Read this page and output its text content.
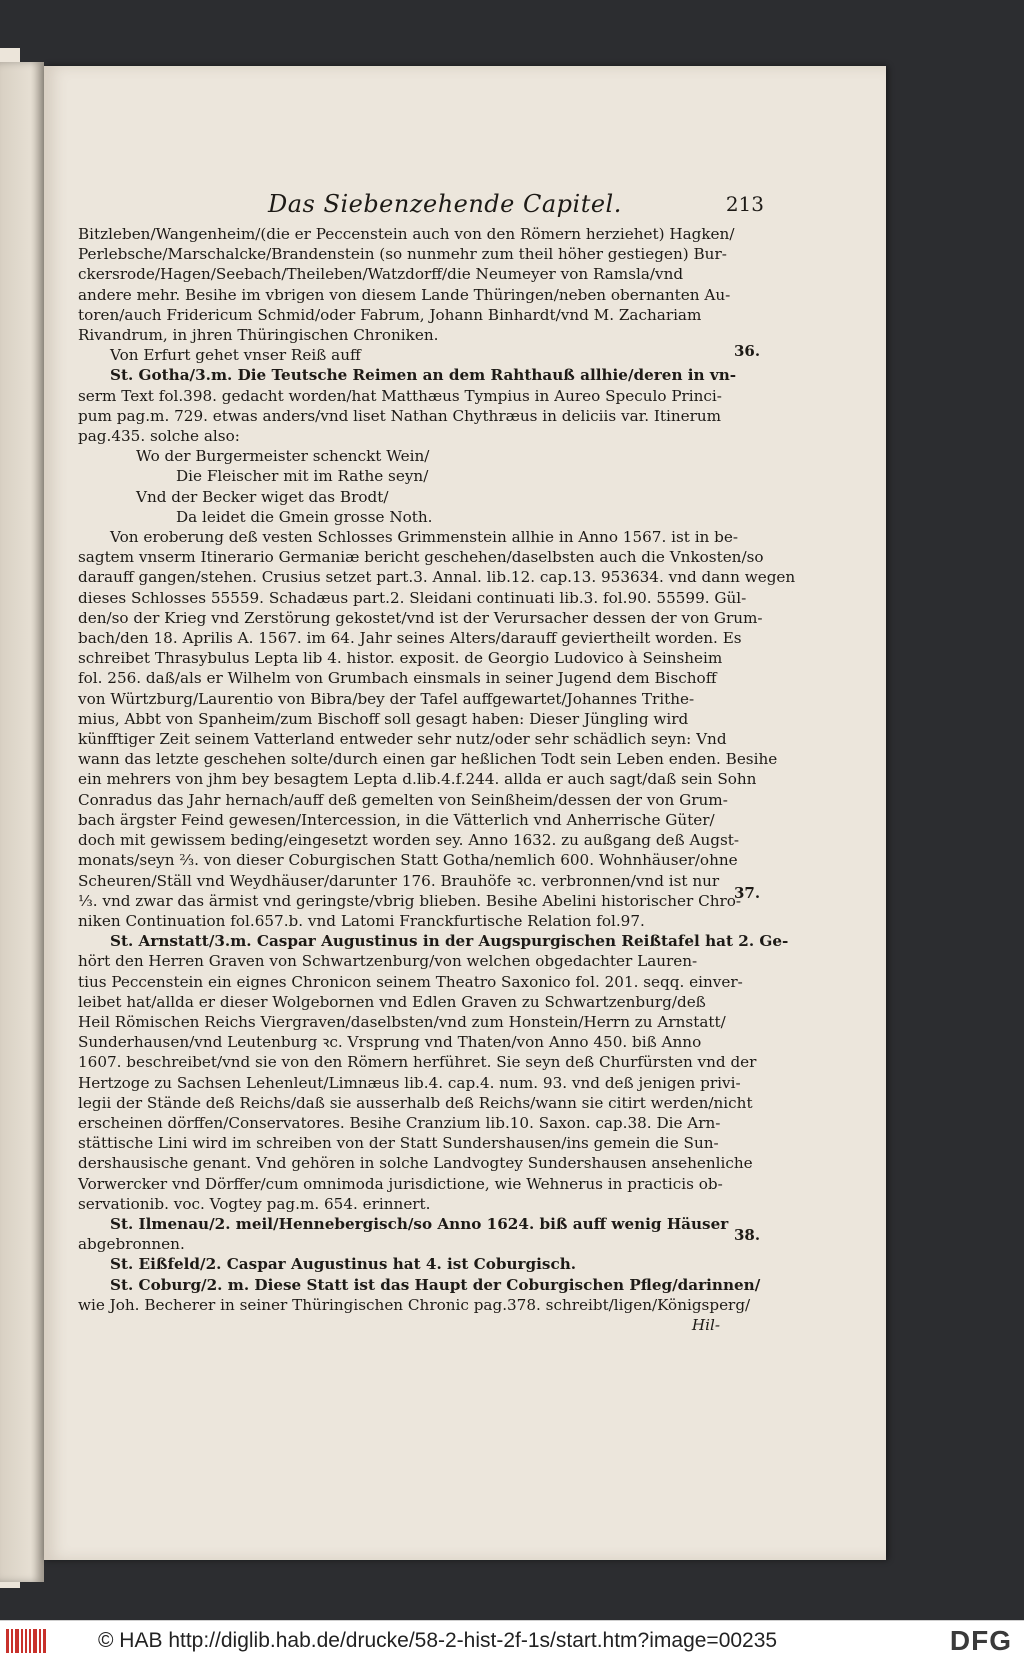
Das Siebenzehende Capitel.	213
Bitzleben/Wangenheim/(die er Peccenstein auch von den Römern herziehet) Hagken/
Perlebsche/Marschalcke/Brandenstein (so nunmehr zum theil höher gestiegen) Bur-
ckersrode/Hagen/Seebach/Theileben/Watzdorff/die Neumeyer von Ramsla/vnd
andere mehr. Besihe im vbrigen von diesem Lande Thüringen/neben obernanten Au-
toren/auch Fridericum Schmid/oder Fabrum, Johann Binhardt/vnd M. Zachariam
Rivandrum, in jhren Thüringischen Chroniken.
Von Erfurt gehet vnser Reiß auff
St. Gotha/3.m. Die Teutsche Reimen an dem Rahthauß allhie/deren in vn-
serm Text fol.398. gedacht worden/hat Matthæus Tympius in Aureo Speculo Princi-
pum pag.m. 729. etwas anders/vnd liset Nathan Chythræus in deliciis var. Itinerum
pag.435. solche also:
Wo der Burgermeister schenckt Wein/
Die Fleischer mit im Rathe seyn/
Vnd der Becker wiget das Brodt/
Da leidet die Gmein grosse Noth.
Von eroberung deß vesten Schlosses Grimmenstein allhie in Anno 1567. ist in be-
sagtem vnserm Itinerario Germaniæ bericht geschehen/daselbsten auch die Vnkosten/so
darauff gangen/stehen. Crusius setzet part.3. Annal. lib.12. cap.13. 953634. vnd dann wegen
dieses Schlosses 55559. Schadæus part.2. Sleidani continuati lib.3. fol.90. 55599. Gül-
den/so der Krieg vnd Zerstörung gekostet/vnd ist der Verursacher dessen der von Grum-
bach/den 18. Aprilis A. 1567. im 64. Jahr seines Alters/darauff geviertheilt worden. Es
schreibet Thrasybulus Lepta lib 4. histor. exposit. de Georgio Ludovico à Seinsheim
fol. 256. daß/als er Wilhelm von Grumbach einsmals in seiner Jugend dem Bischoff
von Würtzburg/Laurentio von Bibra/bey der Tafel auffgewartet/Johannes Trithe-
mius, Abbt von Spanheim/zum Bischoff soll gesagt haben: Dieser Jüngling wird
künfftiger Zeit seinem Vatterland entweder sehr nutz/oder sehr schädlich seyn: Vnd
wann das letzte geschehen solte/durch einen gar heßlichen Todt sein Leben enden. Besihe
ein mehrers von jhm bey besagtem Lepta d.lib.4.f.244. allda er auch sagt/daß sein Sohn
Conradus das Jahr hernach/auff deß gemelten von Seinßheim/dessen der von Grum-
bach ärgster Feind gewesen/Intercession, in die Vätterlich vnd Anherrische Güter/
doch mit gewissem beding/eingesetzt worden sey. Anno 1632. zu außgang deß Augst-
monats/seyn ⅔. von dieser Coburgischen Statt Gotha/nemlich 600. Wohnhäuser/ohne
Scheuren/Ställ vnd Weydhäuser/darunter 176. Brauhöfe ꝛc. verbronnen/vnd ist nur
⅓. vnd zwar das ärmist vnd geringste/vbrig blieben. Besihe Abelini historischer Chro-
niken Continuation fol.657.b. vnd Latomi Franckfurtische Relation fol.97.
St. Arnstatt/3.m. Caspar Augustinus in der Augspurgischen Reißtafel hat 2. Ge-
hört den Herren Graven von Schwartzenburg/von welchen obgedachter Lauren-
tius Peccenstein ein eignes Chronicon seinem Theatro Saxonico fol. 201. seqq. einver-
leibet hat/allda er dieser Wolgebornen vnd Edlen Graven zu Schwartzenburg/deß
Heil Römischen Reichs Viergraven/daselbsten/vnd zum Honstein/Herrn zu Arnstatt/
Sunderhausen/vnd Leutenburg ꝛc. Vrsprung vnd Thaten/von Anno 450. biß Anno
1607. beschreibet/vnd sie von den Römern herführet. Sie seyn deß Churfürsten vnd der
Hertzoge zu Sachsen Lehenleut/Limnæus lib.4. cap.4. num. 93. vnd deß jenigen privi-
legii der Stände deß Reichs/daß sie ausserhalb deß Reichs/wann sie citirt werden/nicht
erscheinen dörffen/Conservatores. Besihe Cranzium lib.10. Saxon. cap.38. Die Arn-
stättische Lini wird im schreiben von der Statt Sundershausen/ins gemein die Sun-
dershausische genant. Vnd gehören in solche Landvogtey Sundershausen ansehenliche
Vorwercker vnd Dörffer/cum omnimoda jurisdictione, wie Wehnerus in practicis ob-
servationib. voc. Vogtey pag.m. 654. erinnert.
St. Ilmenau/2. meil/Hennebergisch/so Anno 1624. biß auff wenig Häuser
abgebronnen.
St. Eißfeld/2. Caspar Augustinus hat 4. ist Coburgisch.
St. Coburg/2. m. Diese Statt ist das Haupt der Coburgischen Pfleg/darinnen/
wie Joh. Becherer in seiner Thüringischen Chronic pag.378. schreibt/ligen/Königsperg/
Hil-
36.
37.
38.
© HAB http://diglib.hab.de/drucke/58-2-hist-2f-1s/start.htm?image=00235	DFG
